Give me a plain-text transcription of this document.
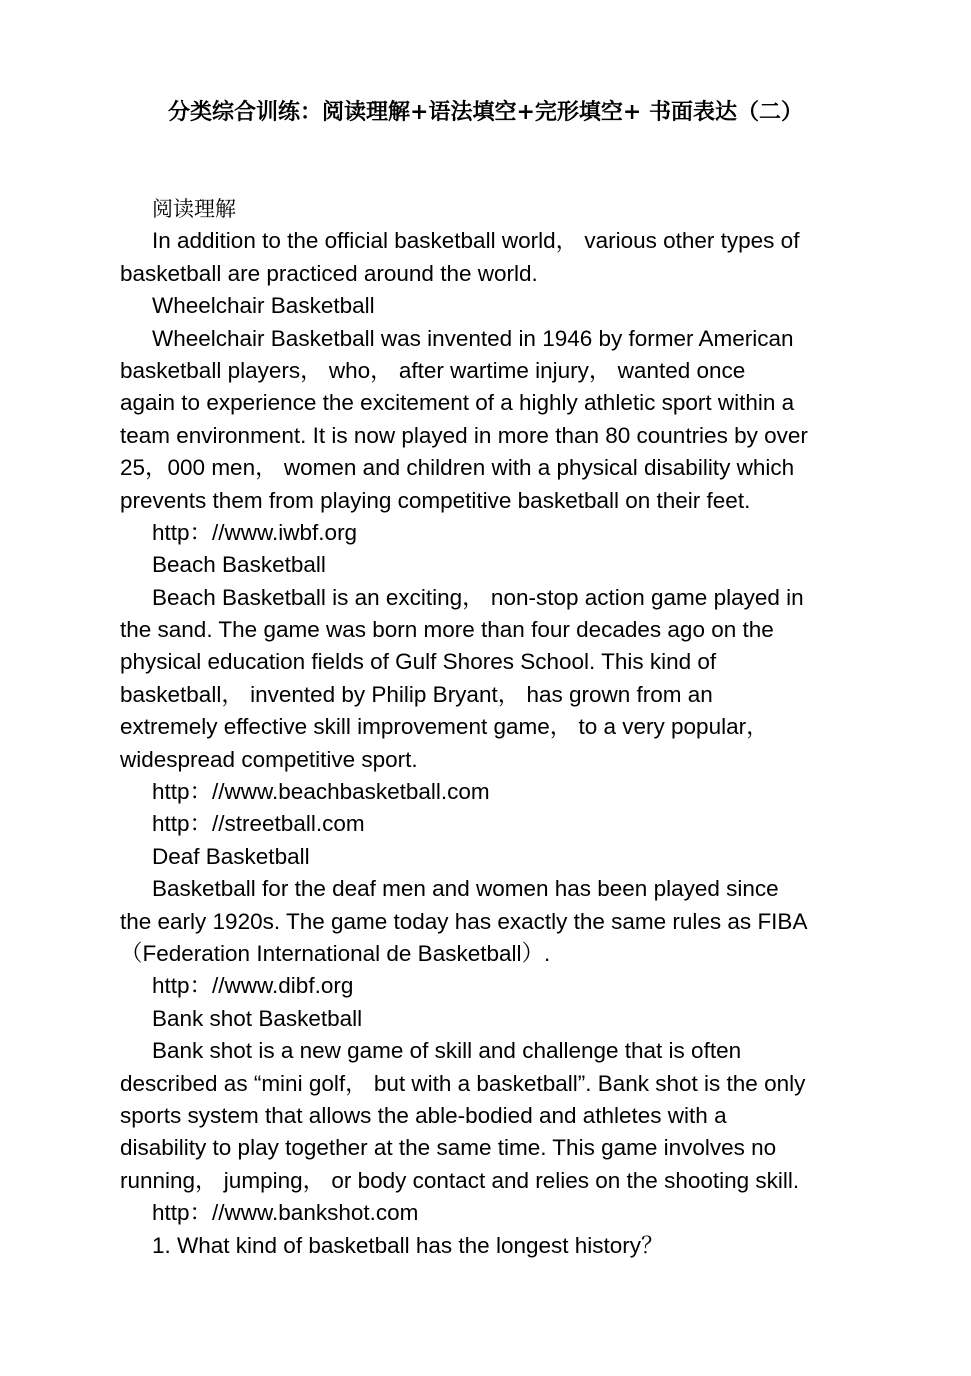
分类综合训练：阅读理解+语法填空+完形填空+ 书面表达（二）
阅读理解
In addition to the official basketball world， various other types of
basketball are practiced around the world.
Wheelchair Basketball
Wheelchair Basketball was invented in 1946 by former American
basketball players， who， after wartime injury， wanted once
again to experience the excitement of a highly athletic sport within a
team environment. It is now played in more than 80 countries by over
25，000 men， women and children with a physical disability which
prevents them from playing competitive basketball on their feet.
http：//www.iwbf.org
Beach Basketball
Beach Basketball is an exciting， non-stop action game played in
the sand. The game was born more than four decades ago on the
physical education fields of Gulf Shores School. This kind of
basketball， invented by Philip Bryant， has grown from an
extremely effective skill improvement game， to a very popular，
widespread competitive sport.
http：//www.beachbasketball.com
http：//streetball.com
Deaf Basketball
Basketball for the deaf men and women has been played since
the early 1920s. The game today has exactly the same rules as FIBA
（Federation International de Basketball）.
http：//www.dibf.org
Bank shot Basketball
Bank shot is a new game of skill and challenge that is often
described as “mini golf， but with a basketball”. Bank shot is the only
sports system that allows the able-bodied and athletes with a
disability to play together at the same time. This game involves no
running， jumping， or body contact and relies on the shooting skill.
http：//www.bankshot.com
1. What kind of basketball has the longest history？
